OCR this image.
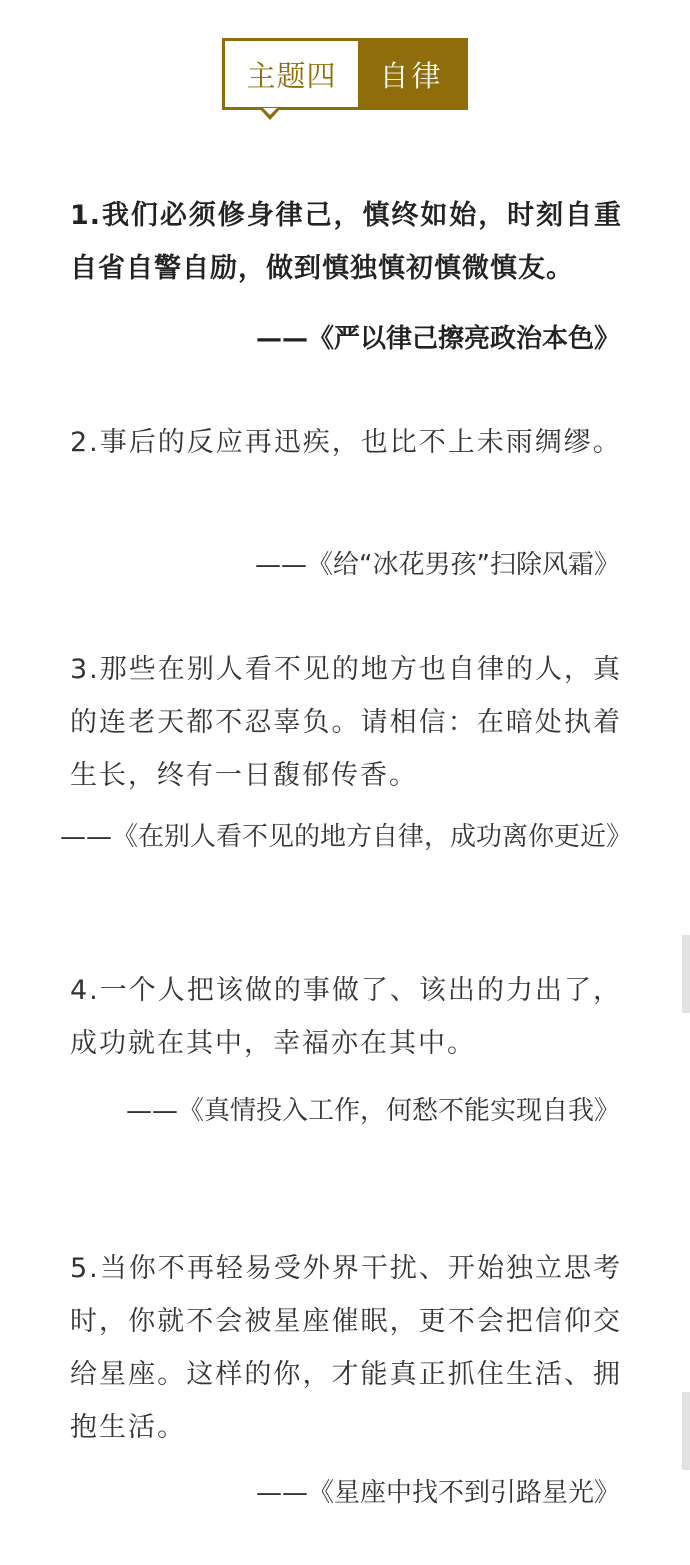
主题四	自律
1.我们必须修身律己，慎终如始，时刻自重自省自警自励，做到慎独慎初慎微慎友。
——《严以律己擦亮政治本色》
2.事后的反应再迅疾，也比不上未雨绸缪。
——《给“冰花男孩”扫除风霜》
3.那些在别人看不见的地方也自律的人，真的连老天都不忍辜负。请相信：在暗处执着生长，终有一日馥郁传香。
——《在别人看不见的地方自律，成功离你更近》
4.一个人把该做的事做了、该出的力出了，成功就在其中，幸福亦在其中。
——《真情投入工作，何愁不能实现自我》
5.当你不再轻易受外界干扰、开始独立思考时，你就不会被星座催眠，更不会把信仰交给星座。这样的你，才能真正抓住生活、拥抱生活。
——《星座中找不到引路星光》
